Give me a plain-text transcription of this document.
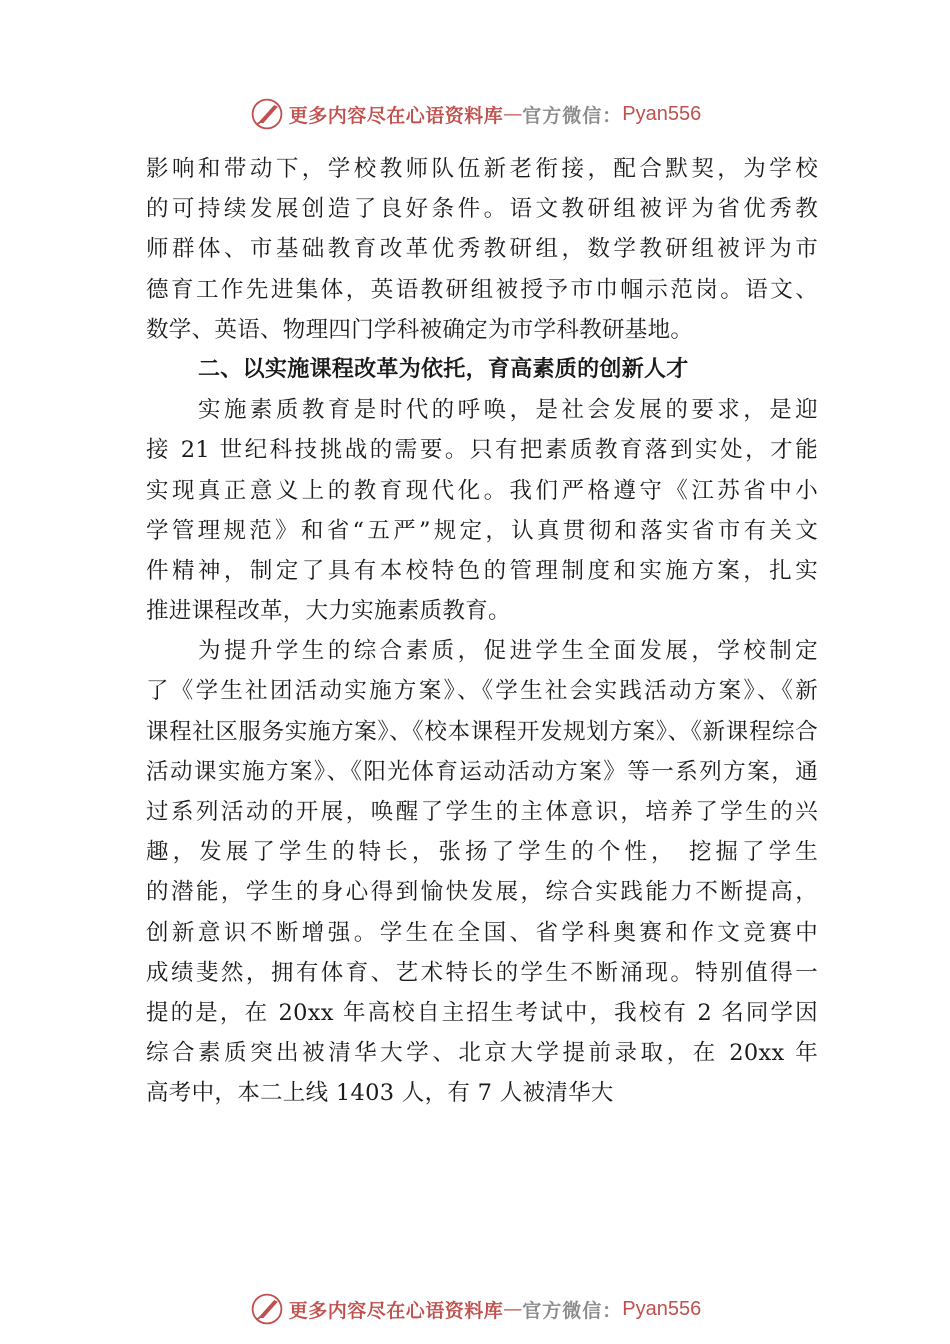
更多内容尽在心语资料库 — 官方微信： Pyan556
影响和带动下，学校教师队伍新老衔接，配合默契，为学校
的可持续发展创造了良好条件。语文教研组被评为省优秀教
师群体、市基础教育改革优秀教研组，数学教研组被评为市
德育工作先进集体，英语教研组被授予市巾帼示范岗。语文、
数学、英语、物理四门学科被确定为市学科教研基地。
二、以实施课程改革为依托，育高素质的创新人才
实施素质教育是时代的呼唤，是社会发展的要求，是迎
接 21 世纪科技挑战的需要。只有把素质教育落到实处，才能
实现真正意义上的教育现代化。我们严格遵守《江苏省中小
学管理规范》和省“五严”规定，认真贯彻和落实省市有关文
件精神，制定了具有本校特色的管理制度和实施方案，扎实
推进课程改革，大力实施素质教育。
为提升学生的综合素质，促进学生全面发展，学校制定
了《学生社团活动实施方案》、《学生社会实践活动方案》、《新
课程社区服务实施方案》、《校本课程开发规划方案》、《新课程综合
活动课实施方案》、《阳光体育运动活动方案》等一系列方案，通
过系列活动的开展，唤醒了学生的主体意识，培养了学生的兴
趣，发展了学生的特长，张扬了学生的个性， 挖掘了学生
的潜能，学生的身心得到愉快发展，综合实践能力不断提高，
创新意识不断增强。学生在全国、省学科奥赛和作文竞赛中
成绩斐然，拥有体育、艺术特长的学生不断涌现。特别值得一
提的是，在 20xx 年高校自主招生考试中，我校有 2 名同学因
综合素质突出被清华大学、北京大学提前录取，在 20xx 年
高考中，本二上线 1403 人，有 7 人被清华大
更多内容尽在心语资料库 — 官方微信： Pyan556
